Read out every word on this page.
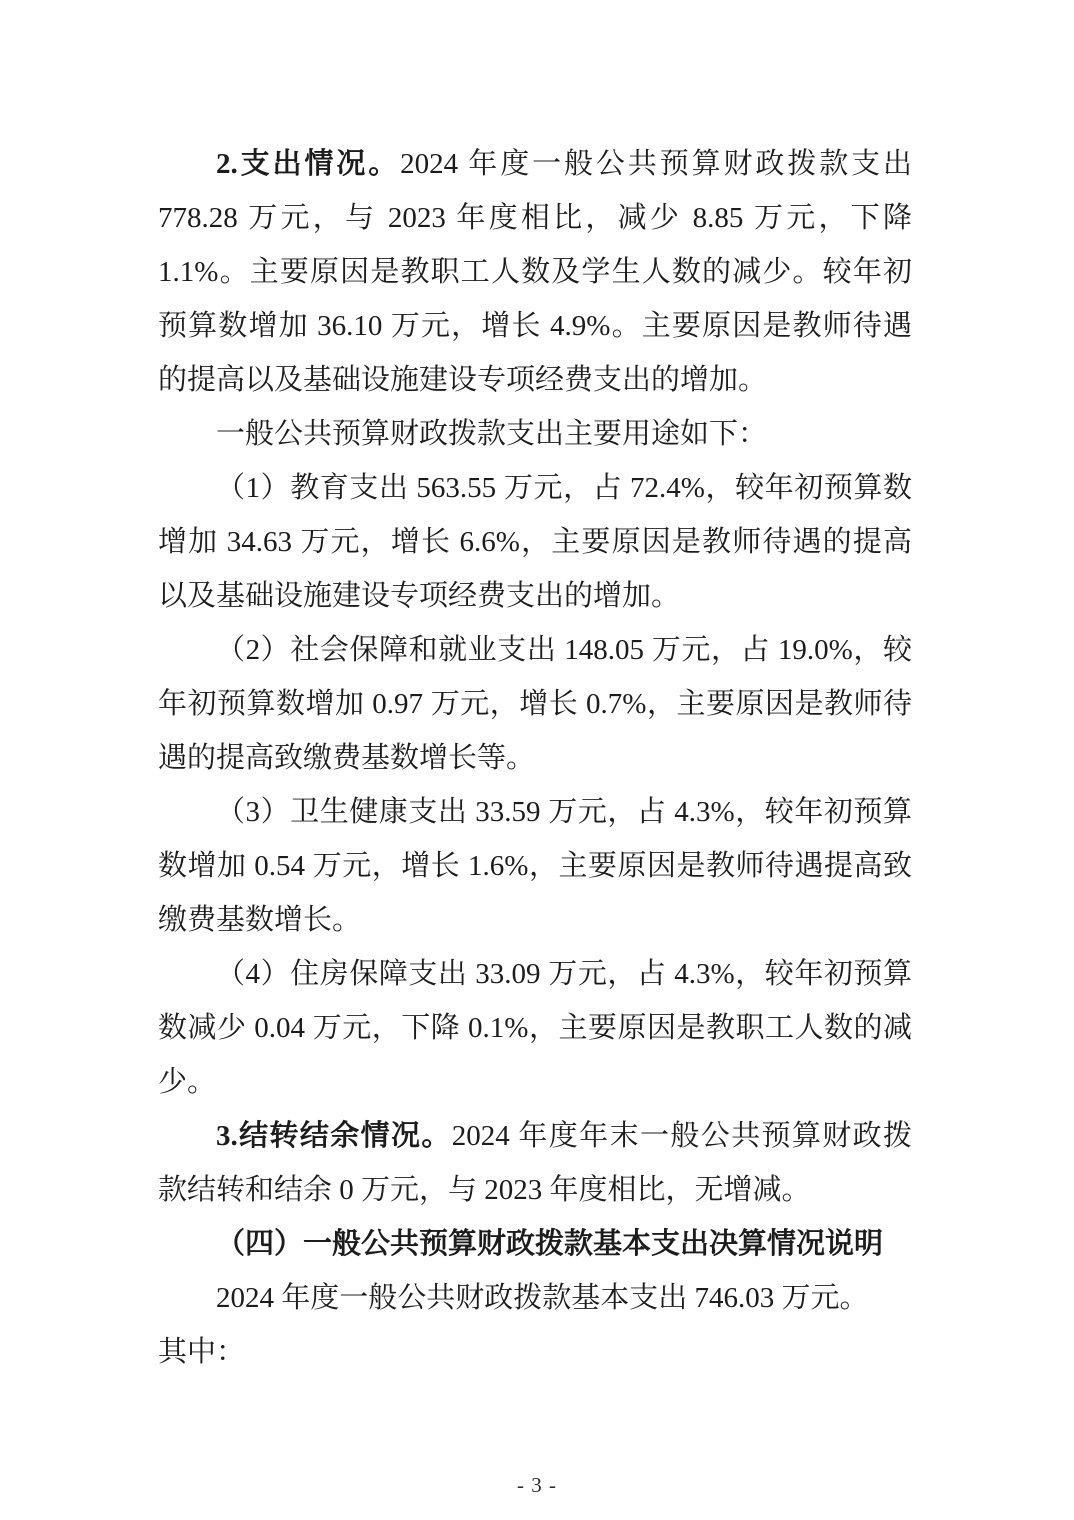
2.支出情况。2024 年度一般公共预算财政拨款支出 778.28 万元，与 2023 年度相比，减少 8.85 万元，下降 1.1%。主要原因是教职工人数及学生人数的减少。较年初预算数增加 36.10 万元，增长 4.9%。主要原因是教师待遇的提高以及基础设施建设专项经费支出的增加。

一般公共预算财政拨款支出主要用途如下：

（1）教育支出 563.55 万元，占 72.4%，较年初预算数增加 34.63 万元，增长 6.6%，主要原因是教师待遇的提高以及基础设施建设专项经费支出的增加。

（2）社会保障和就业支出 148.05 万元，占 19.0%，较年初预算数增加 0.97 万元，增长 0.7%，主要原因是教师待遇的提高致缴费基数增长等。

（3）卫生健康支出 33.59 万元，占 4.3%，较年初预算数增加 0.54 万元，增长 1.6%，主要原因是教师待遇提高致缴费基数增长。

（4）住房保障支出 33.09 万元，占 4.3%，较年初预算数减少 0.04 万元，下降 0.1%，主要原因是教职工人数的减少。

3.结转结余情况。2024 年度年末一般公共预算财政拨款结转和结余 0 万元，与 2023 年度相比，无增减。

（四）一般公共预算财政拨款基本支出决算情况说明

2024 年度一般公共财政拨款基本支出 746.03 万元。

其中：

- 3 -
